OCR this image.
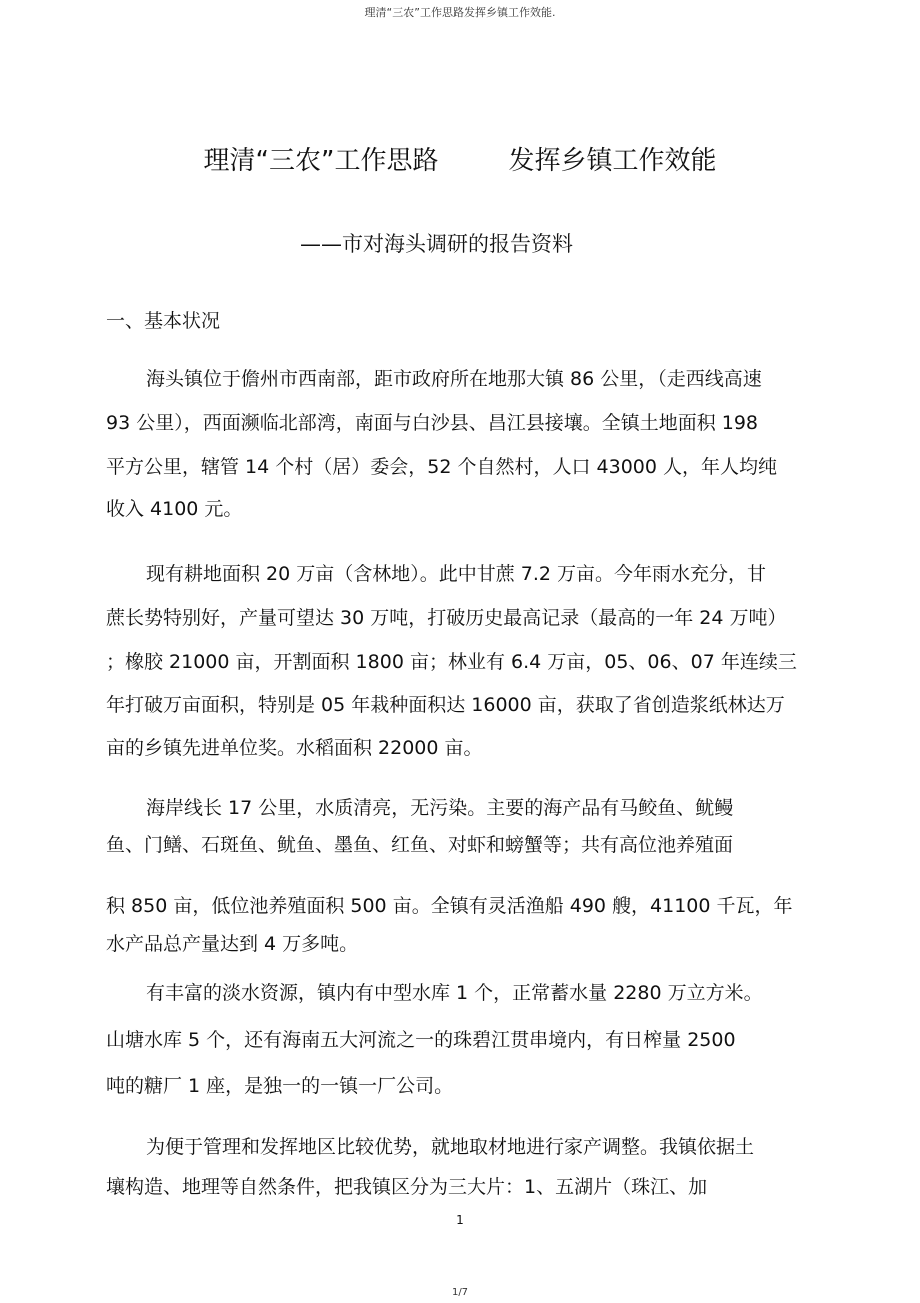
理清“三农”工作思路发挥乡镇工作效能.
理清“三农”工作思路	发挥乡镇工作效能
——市对海头调研的报告资料
一、基本状况
海头镇位于儋州市西南部，距市政府所在地那大镇 86 公里，（走西线高速
93 公里），西面濒临北部湾，南面与白沙县、昌江县接壤。全镇土地面积 198
平方公里，辖管 14 个村（居）委会，52 个自然村，人口 43000 人，年人均纯
收入 4100 元。
现有耕地面积 20 万亩（含林地）。此中甘蔗 7.2 万亩。今年雨水充分，甘
蔗长势特别好，产量可望达 30 万吨，打破历史最高记录（最高的一年 24 万吨）
；橡胶 21000 亩，开割面积 1800 亩；林业有 6.4 万亩，05、06、07 年连续三
年打破万亩面积，特别是 05 年栽种面积达 16000 亩，获取了省创造浆纸林达万
亩的乡镇先进单位奖。水稻面积 22000 亩。
海岸线长 17 公里，水质清亮，无污染。主要的海产品有马鲛鱼、鱿鳗
鱼、门鳝、石斑鱼、鱿鱼、墨鱼、红鱼、对虾和螃蟹等；共有高位池养殖面
积 850 亩，低位池养殖面积 500 亩。全镇有灵活渔船 490 艘，41100 千瓦，年
水产品总产量达到 4 万多吨。
有丰富的淡水资源，镇内有中型水库 1 个，正常蓄水量 2280 万立方米。
山塘水库 5 个，还有海南五大河流之一的珠碧江贯串境内，有日榨量 2500
吨的糖厂 1 座，是独一的一镇一厂公司。
为便于管理和发挥地区比较优势，就地取材地进行家产调整。我镇依据土
壤构造、地理等自然条件，把我镇区分为三大片：1、五湖片（珠江、加
1
1/7
